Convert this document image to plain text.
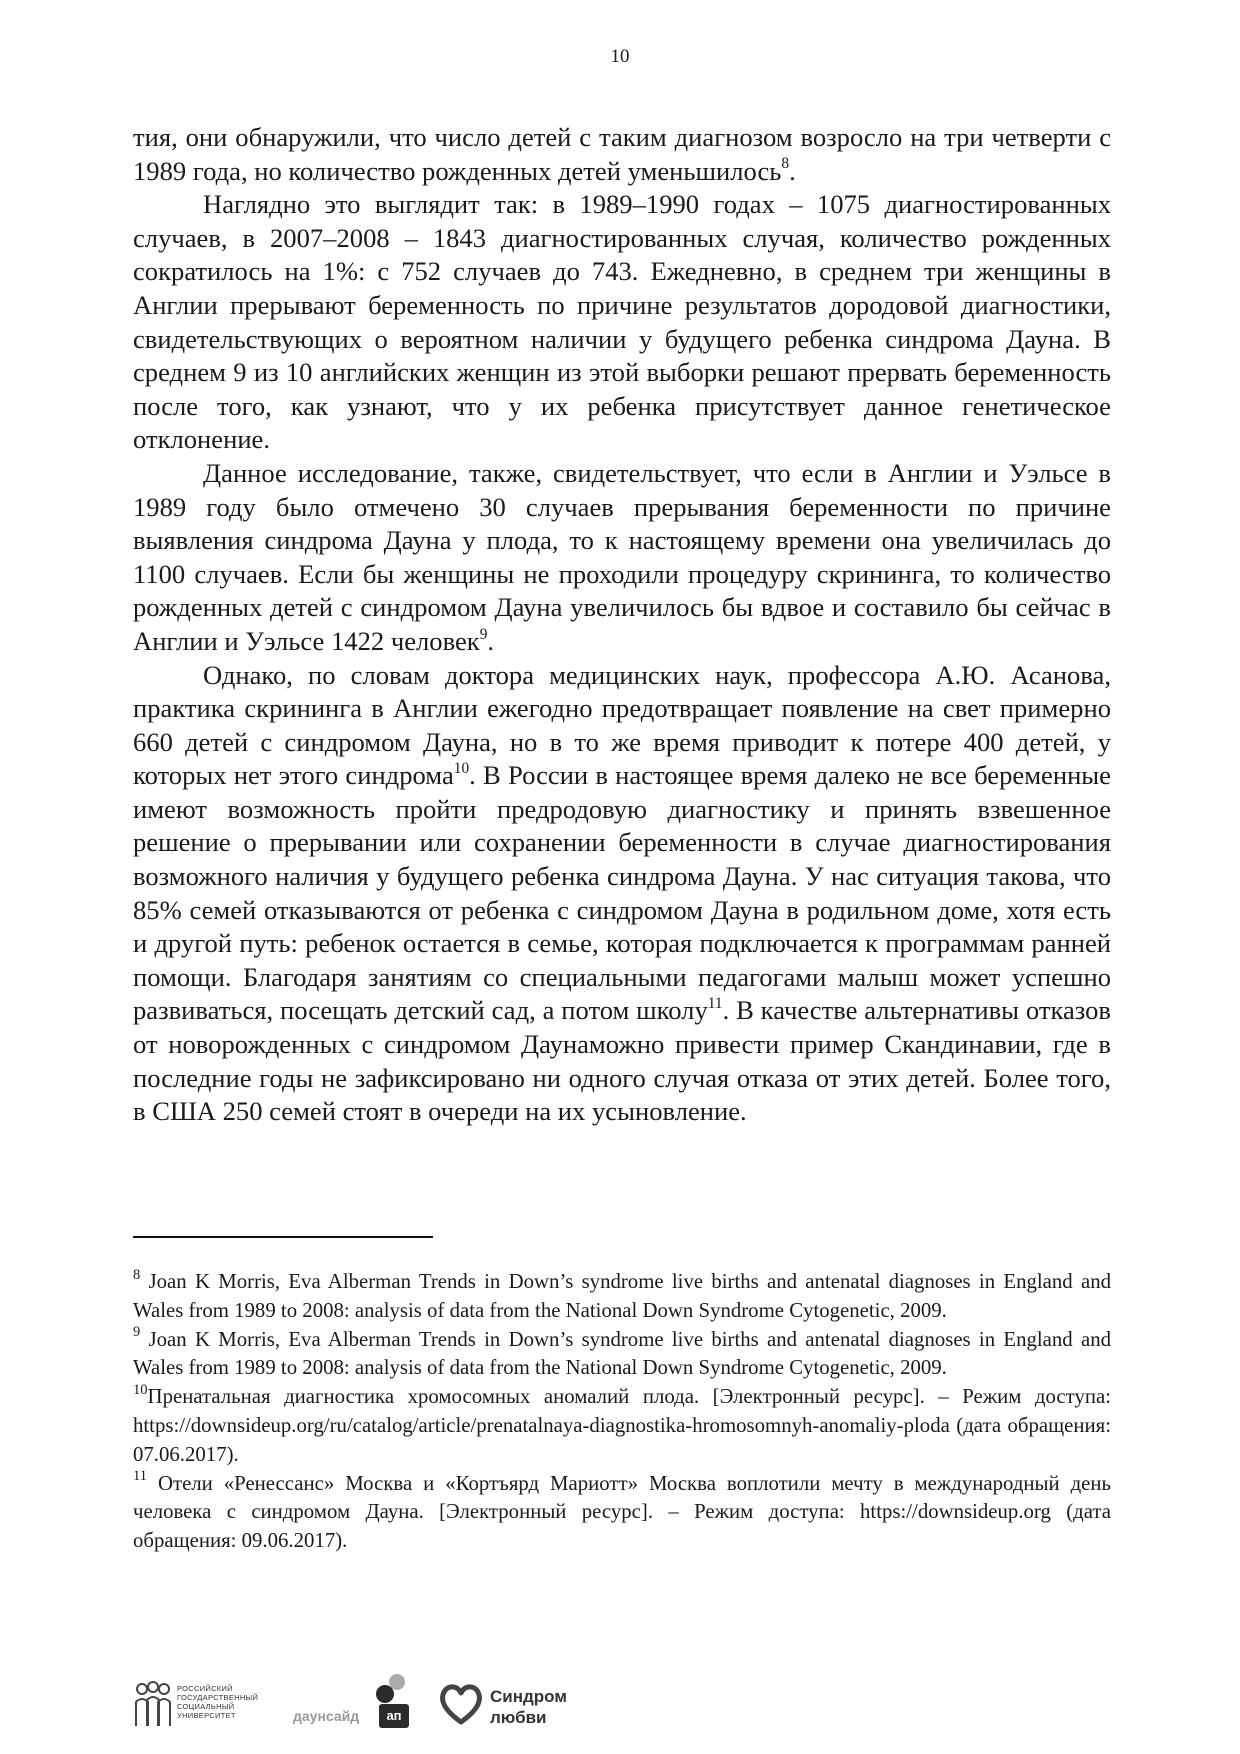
10

тия, они обнаружили, что число детей с таким диагнозом возросло на три четверти с 1989 года, но количество рожденных детей уменьшилось$^8$.

Наглядно это выглядит так: в 1989–1990 годах – 1075 диагностированных случаев, в 2007–2008 – 1843 диагностированных случая, количество рожденных сократилось на 1%: с 752 случаев до 743. Ежедневно, в среднем три женщины в Англии прерывают беременность по причине результатов дородовой диагностики, свидетельствующих о вероятном наличии у будущего ребенка синдрома Дауна. В среднем 9 из 10 английских женщин из этой выборки решают прервать беременность после того, как узнают, что у их ребенка присутствует данное генетическое отклонение.

Данное исследование, также, свидетельствует, что если в Англии и Уэльсе в 1989 году было отмечено 30 случаев прерывания беременности по причине выявления синдрома Дауна у плода, то к настоящему времени она увеличилась до 1100 случаев. Если бы женщины не проходили процедуру скрининга, то количество рожденных детей с синдромом Дауна увеличилось бы вдвое и составило бы сейчас в Англии и Уэльсе 1422 человек$^9$.

Однако, по словам доктора медицинских наук, профессора А.Ю. Асанова, практика скрининга в Англии ежегодно предотвращает появление на свет примерно 660 детей с синдромом Дауна, но в то же время приводит к потере 400 детей, у которых нет этого синдрома$^{10}$. В России в настоящее время далеко не все беременные имеют возможность пройти предродовую диагностику и принять взвешенное решение о прерывании или сохранении беременности в случае диагностирования возможного наличия у будущего ребенка синдрома Дауна. У нас ситуация такова, что 85% семей отказываются от ребенка с синдромом Дауна в родильном доме, хотя есть и другой путь: ребенок остается в семье, которая подключается к программам ранней помощи. Благодаря занятиям со специальными педагогами малыш может успешно развиваться, посещать детский сад, а потом школу$^{11}$. В качестве альтернативы отказов от новорожденных с синдромом Даунаможно привести пример Скандинавии, где в последние годы не зафиксировано ни одного случая отказа от этих детей. Более того, в США 250 семей стоят в очереди на их усыновление.

$^8$ Joan K Morris, Eva Alberman Trends in Down’s syndrome live births and antenatal diagnoses in England and Wales from 1989 to 2008: analysis of data from the National Down Syndrome Cytogenetic, 2009.

$^9$ Joan K Morris, Eva Alberman Trends in Down’s syndrome live births and antenatal diagnoses in England and Wales from 1989 to 2008: analysis of data from the National Down Syndrome Cytogenetic, 2009.

$^{10}$Пренатальная диагностика хромосомных аномалий плода. [Электронный ресурс]. – Режим доступа: https://downsideup.org/ru/catalog/article/prenatalnaya-diagnostika-hromosomnyh-anomaliy-ploda (дата обращения: 07.06.2017).

$^{11}$ Отели «Ренессанс» Москва и «Кортъярд Мариотт» Москва воплотили мечту в международный день человека с синдромом Дауна. [Электронный ресурс]. – Режим доступа: https://downsideup.org (дата обращения: 09.06.2017).

РОССИЙСКИЙ
ГОСУДАРСТВЕННЫЙ
СОЦИАЛЬНЫЙ
УНИВЕРСИТЕТ	даунсайд	ап
Синдром
любви
